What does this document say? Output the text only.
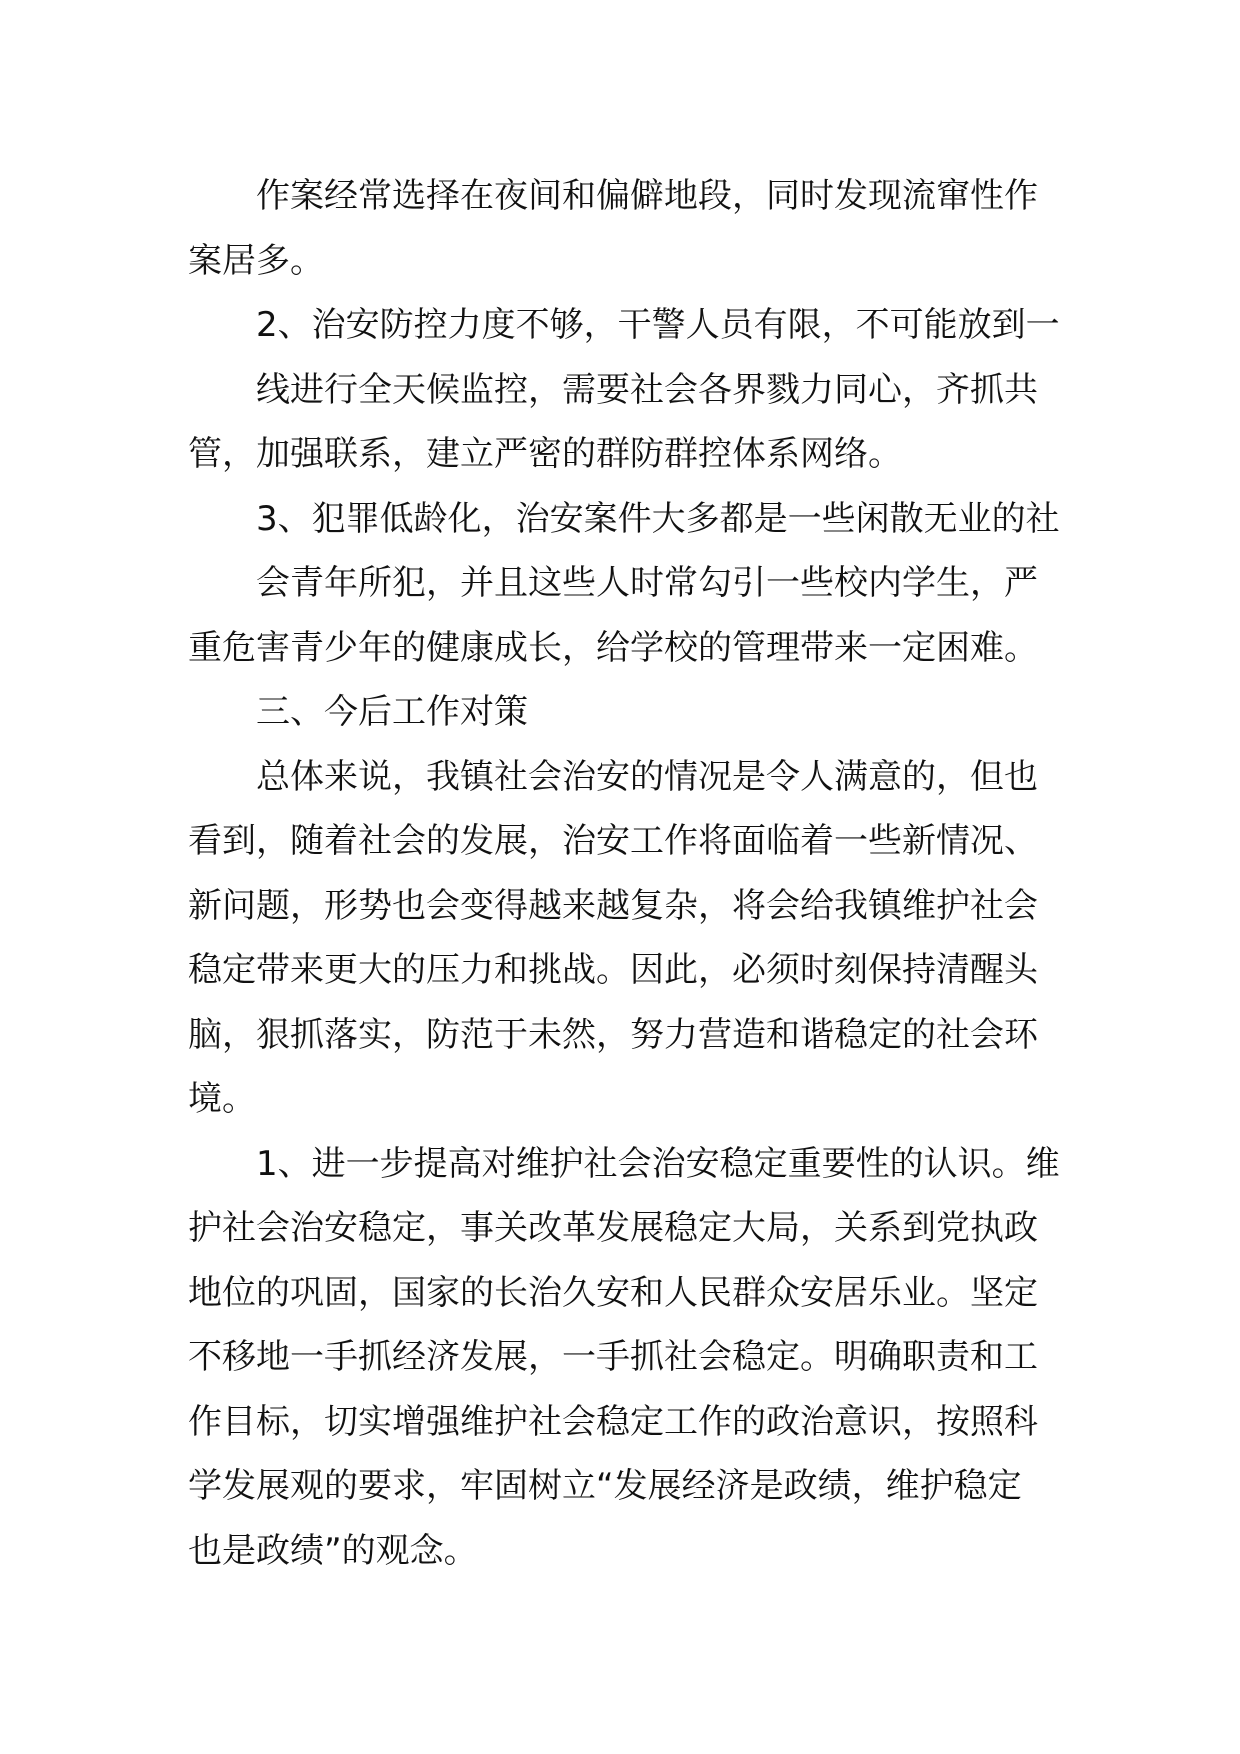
作案经常选择在夜间和偏僻地段，同时发现流窜性作
案居多。
2、治安防控力度不够，干警人员有限，不可能放到一
线进行全天候监控，需要社会各界戮力同心，齐抓共
管，加强联系，建立严密的群防群控体系网络。
3、犯罪低龄化，治安案件大多都是一些闲散无业的社
会青年所犯，并且这些人时常勾引一些校内学生，严
重危害青少年的健康成长，给学校的管理带来一定困难。
三、今后工作对策
总体来说，我镇社会治安的情况是令人满意的，但也
看到，随着社会的发展，治安工作将面临着一些新情况、
新问题，形势也会变得越来越复杂，将会给我镇维护社会
稳定带来更大的压力和挑战。因此，必须时刻保持清醒头
脑，狠抓落实，防范于未然，努力营造和谐稳定的社会环
境。
1、进一步提高对维护社会治安稳定重要性的认识。维
护社会治安稳定，事关改革发展稳定大局，关系到党执政
地位的巩固，国家的长治久安和人民群众安居乐业。坚定
不移地一手抓经济发展，一手抓社会稳定。明确职责和工
作目标，切实增强维护社会稳定工作的政治意识，按照科
学发展观的要求，牢固树立“发展经济是政绩，维护稳定
也是政绩”的观念。
